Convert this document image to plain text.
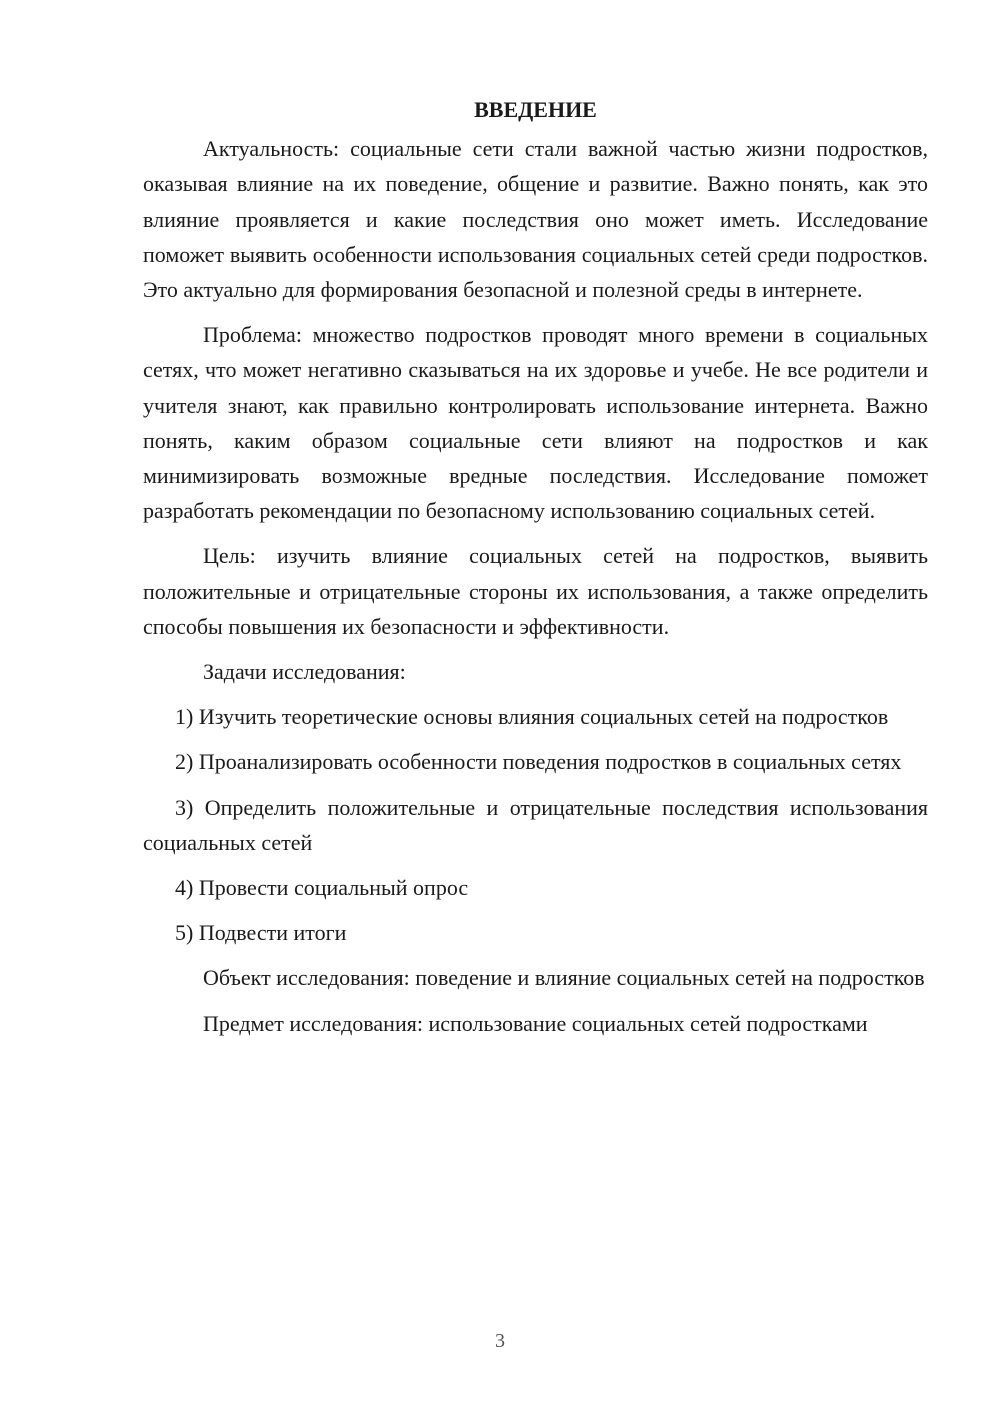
ВВЕДЕНИЕ

Актуальность: социальные сети стали важной частью жизни подростков, оказывая влияние на их поведение, общение и развитие. Важно понять, как это влияние проявляется и какие последствия оно может иметь. Исследование поможет выявить особенности использования социальных сетей среди подростков. Это актуально для формирования безопасной и полезной среды в интернете.

Проблема: множество подростков проводят много времени в социальных сетях, что может негативно сказываться на их здоровье и учебе. Не все родители и учителя знают, как правильно контролировать использование интернета. Важно понять, каким образом социальные сети влияют на подростков и как минимизировать возможные вредные последствия. Исследование поможет разработать рекомендации по безопасному использованию социальных сетей.

Цель: изучить влияние социальных сетей на подростков, выявить положительные и отрицательные стороны их использования, а также определить способы повышения их безопасности и эффективности.

Задачи исследования:

1) Изучить теоретические основы влияния социальных сетей на подростков

2) Проанализировать особенности поведения подростков в социальных сетях

3) Определить положительные и отрицательные последствия использования социальных сетей

4) Провести социальный опрос

5) Подвести итоги

Объект исследования: поведение и влияние социальных сетей на подростков

Предмет исследования: использование социальных сетей подростками

3
